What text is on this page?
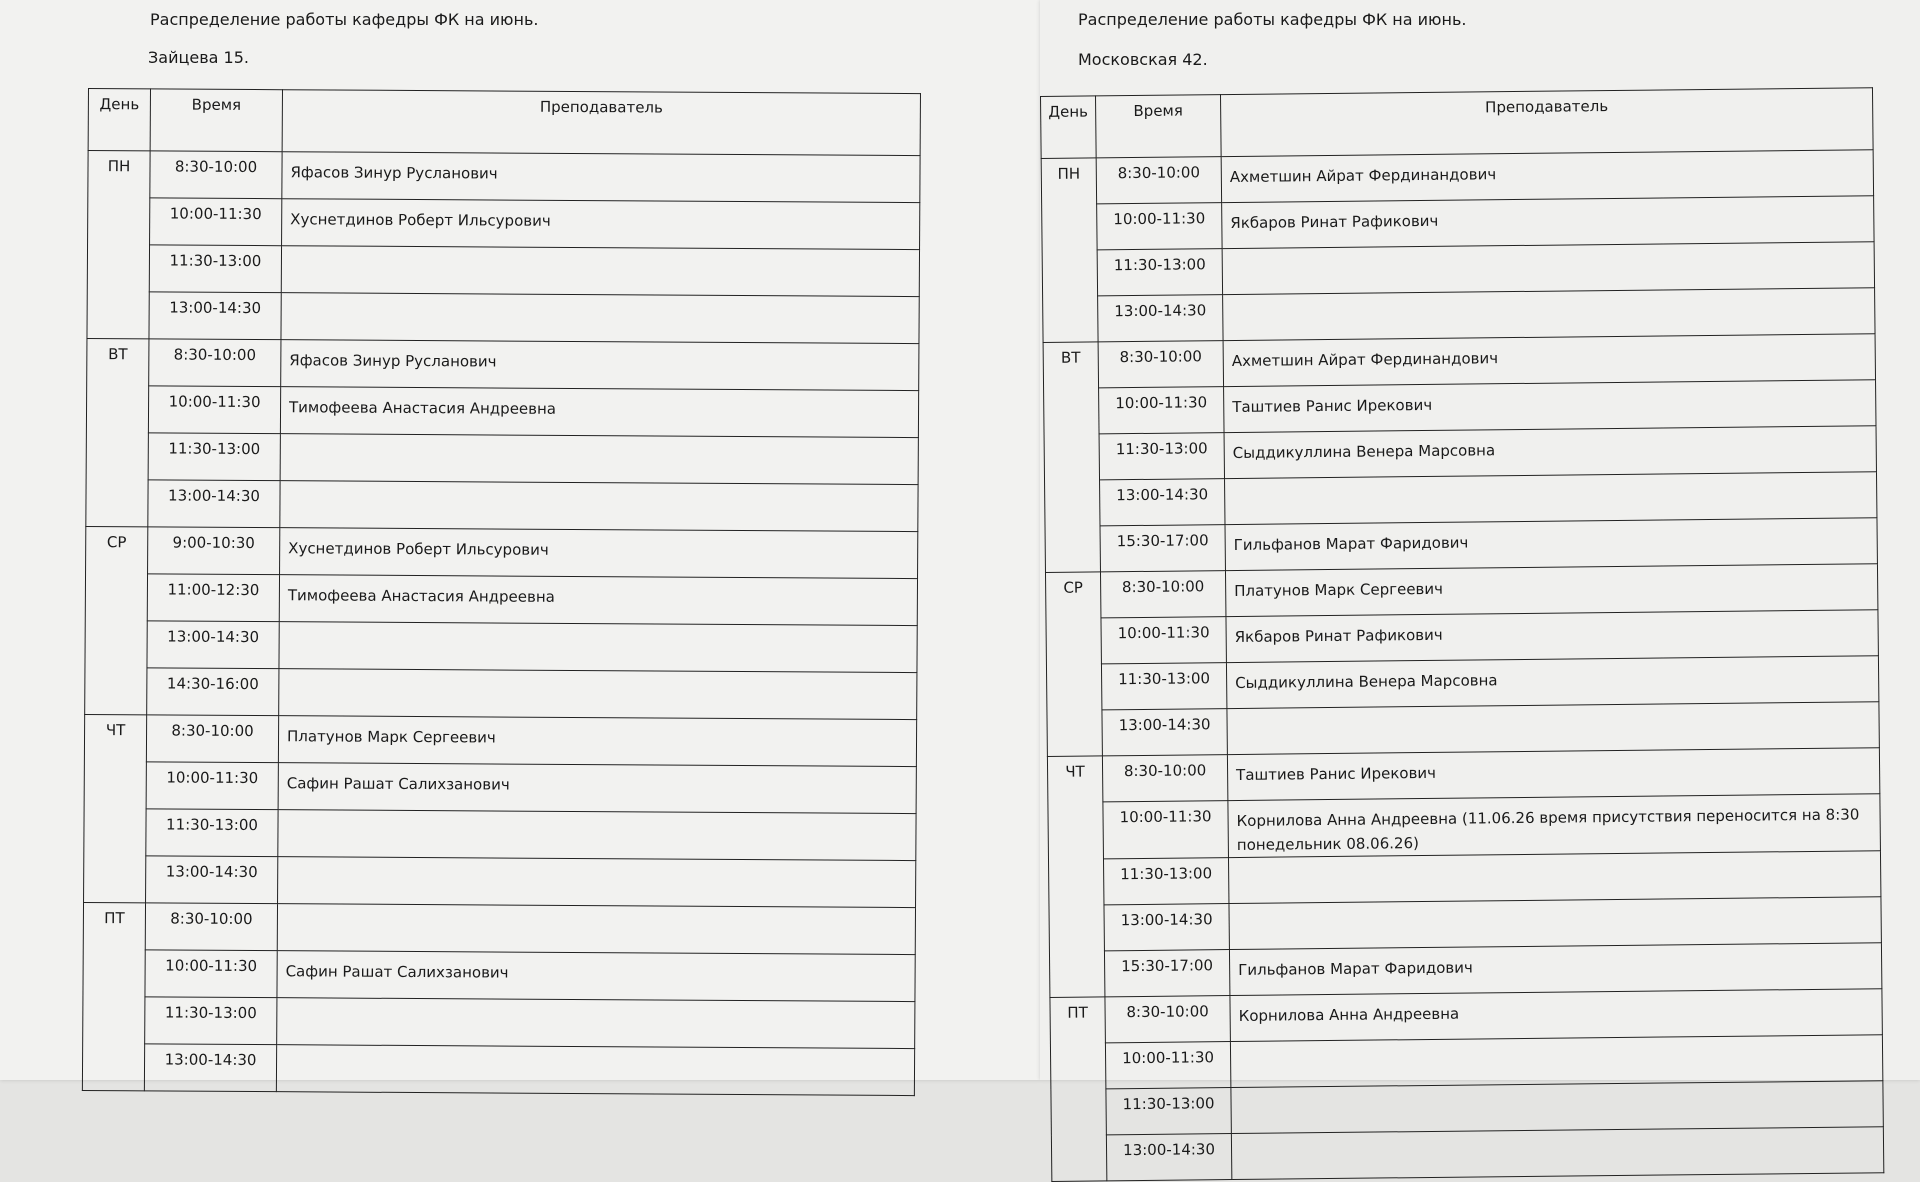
Распределение работы кафедры ФК на июнь.
Зайцева 15.
Распределение работы кафедры ФК на июнь.
Московская 42.
День	Время	Преподаватель
ПН	8:30-10:00	Яфасов Зинур Русланович
	10:00-11:30	Хуснетдинов Роберт Ильсурович
	11:30-13:00	
	13:00-14:30	
ВТ	8:30-10:00	Яфасов Зинур Русланович
	10:00-11:30	Тимофеева Анастасия Андреевна
	11:30-13:00	
	13:00-14:30	
СР	9:00-10:30	Хуснетдинов Роберт Ильсурович
	11:00-12:30	Тимофеева Анастасия Андреевна
	13:00-14:30	
	14:30-16:00	
ЧТ	8:30-10:00	Платунов Марк Сергеевич
	10:00-11:30	Сафин Рашат Салихзанович
	11:30-13:00	
	13:00-14:30	
ПТ	8:30-10:00	
	10:00-11:30	Сафин Рашат Салихзанович
	11:30-13:00	
	13:00-14:30	
День	Время	Преподаватель
ПН	8:30-10:00	Ахметшин Айрат Фердинандович
	10:00-11:30	Якбаров Ринат Рафикович
	11:30-13:00	
	13:00-14:30	
ВТ	8:30-10:00	Ахметшин Айрат Фердинандович
	10:00-11:30	Таштиев Ранис Ирекович
	11:30-13:00	Сыддикуллина Венера Марсовна
	13:00-14:30	
	15:30-17:00	Гильфанов Марат Фаридович
СР	8:30-10:00	Платунов Марк Сергеевич
	10:00-11:30	Якбаров Ринат Рафикович
	11:30-13:00	Сыддикуллина Венера Марсовна
	13:00-14:30	
ЧТ	8:30-10:00	Таштиев Ранис Ирекович
	10:00-11:30	Корнилова Анна Андреевна (11.06.26 время присутствия переносится на 8:30 понедельник 08.06.26)
	11:30-13:00	
	13:00-14:30	
	15:30-17:00	Гильфанов Марат Фаридович
ПТ	8:30-10:00	Корнилова Анна Андреевна
	10:00-11:30	
	11:30-13:00	
	13:00-14:30	
